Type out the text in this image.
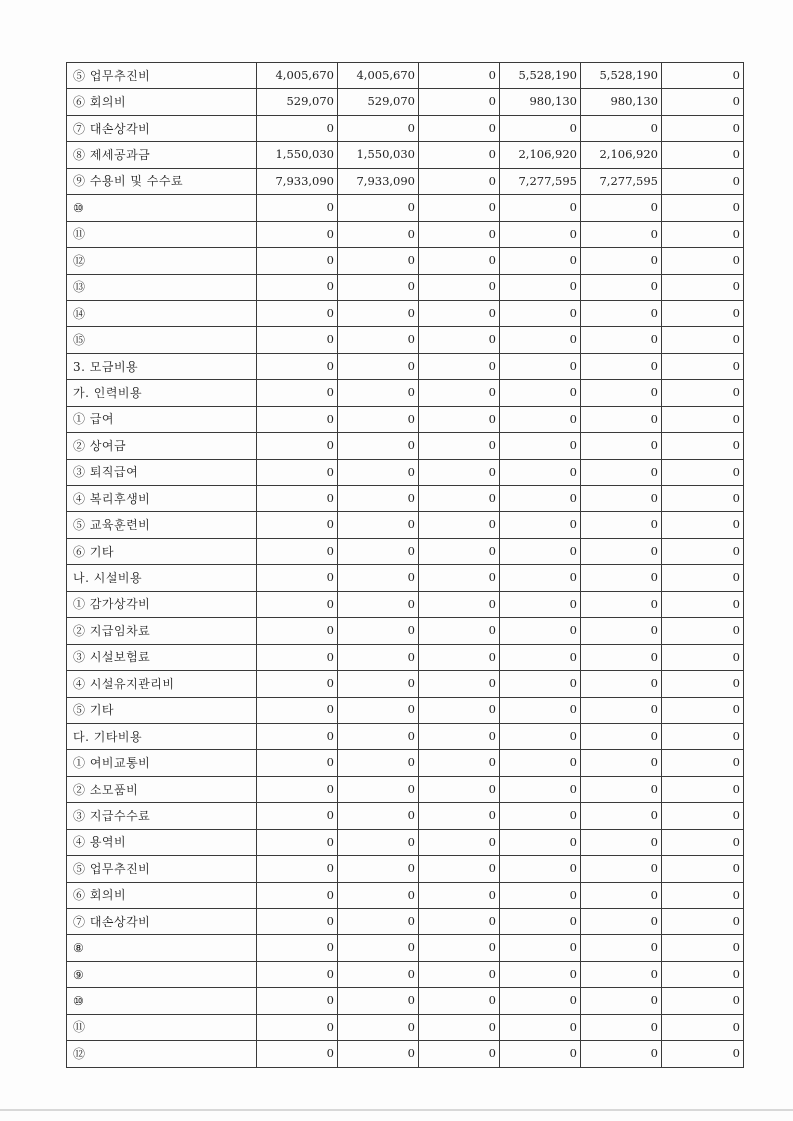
⑤ 업무추진비	4,005,670	4,005,670	0	5,528,190	5,528,190	0
⑥ 회의비	529,070	529,070	0	980,130	980,130	0
⑦ 대손상각비	0	0	0	0	0	0
⑧ 제세공과금	1,550,030	1,550,030	0	2,106,920	2,106,920	0
⑨ 수용비 및 수수료	7,933,090	7,933,090	0	7,277,595	7,277,595	0
⑩	0	0	0	0	0	0
⑪	0	0	0	0	0	0
⑫	0	0	0	0	0	0
⑬	0	0	0	0	0	0
⑭	0	0	0	0	0	0
⑮	0	0	0	0	0	0
3. 모금비용	0	0	0	0	0	0
가. 인력비용	0	0	0	0	0	0
① 급여	0	0	0	0	0	0
② 상여금	0	0	0	0	0	0
③ 퇴직급여	0	0	0	0	0	0
④ 복리후생비	0	0	0	0	0	0
⑤ 교육훈련비	0	0	0	0	0	0
⑥ 기타	0	0	0	0	0	0
나. 시설비용	0	0	0	0	0	0
① 감가상각비	0	0	0	0	0	0
② 지급임차료	0	0	0	0	0	0
③ 시설보험료	0	0	0	0	0	0
④ 시설유지관리비	0	0	0	0	0	0
⑤ 기타	0	0	0	0	0	0
다. 기타비용	0	0	0	0	0	0
① 여비교통비	0	0	0	0	0	0
② 소모품비	0	0	0	0	0	0
③ 지급수수료	0	0	0	0	0	0
④ 용역비	0	0	0	0	0	0
⑤ 업무추진비	0	0	0	0	0	0
⑥ 회의비	0	0	0	0	0	0
⑦ 대손상각비	0	0	0	0	0	0
⑧	0	0	0	0	0	0
⑨	0	0	0	0	0	0
⑩	0	0	0	0	0	0
⑪	0	0	0	0	0	0
⑫	0	0	0	0	0	0
